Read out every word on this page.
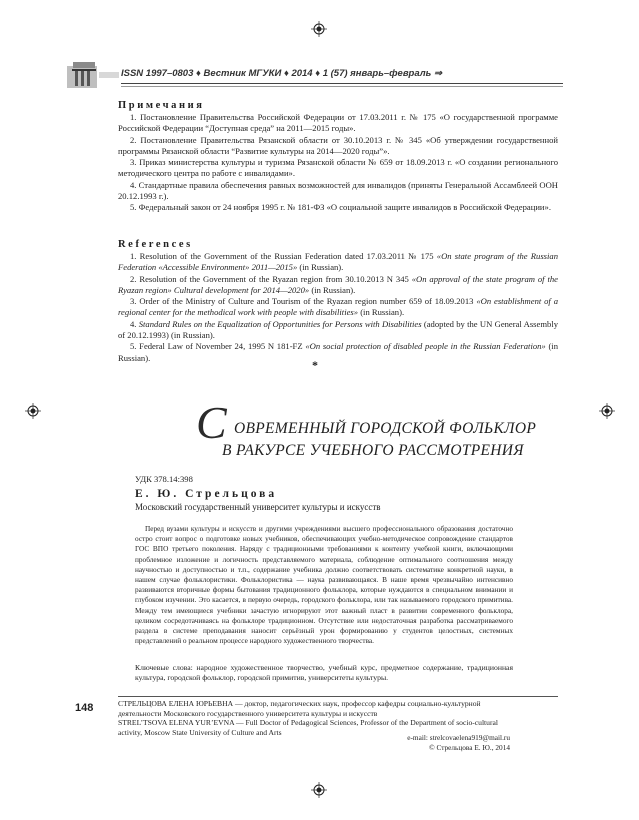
ISSN 1997–0803 ♦ Вестник МГУКИ ♦ 2014 ♦ 1 (57) январь–февраль ⇒
Примечания

1. Постановление Правительства Российской Федерации от 17.03.2011 г. № 175 «О государственной программе Российской Федерации “Доступная среда” на 2011—2015 годы».

2. Постановление Правительства Рязанской области от 30.10.2013 г. № 345 «Об утверждении государственной программы Рязанской области “Развитие культуры на 2014—2020 годы”».

3. Приказ министерства культуры и туризма Рязанской области № 659 от 18.09.2013 г. «О создании регионального методического центра по работе с инвалидами».

4. Стандартные правила обеспечения равных возможностей для инвалидов (приняты Генеральной Ассамблеей ООН 20.12.1993 г.).

5. Федеральный закон от 24 ноября 1995 г. № 181-ФЗ «О социальной защите инвалидов в Российской Федерации».

References

1. Resolution of the Government of the Russian Federation dated 17.03.2011 № 175 «On state program of the Russian Federation «Accessible Environment» 2011—2015» (in Russian).

2. Resolution of the Government of the Ryazan region from 30.10.2013 N 345 «On approval of the state program of the Ryazan region» Cultural development for 2014—2020» (in Russian).

3. Order of the Ministry of Culture and Tourism of the Ryazan region number 659 of 18.09.2013 «On establishment of a regional center for the methodical work with people with disabilities» (in Russian).

4. Standard Rules on the Equalization of Opportunities for Persons with Disabilities (adopted by the UN General Assembly of 20.12.1993) (in Russian).

5. Federal Law of November 24, 1995 N 181-FZ «On social protection of disabled people in the Russian Federation» (in Russian).

*
С ОВРЕМЕННЫЙ ГОРОДСКОЙ ФОЛЬКЛОР
В РАКУРСЕ УЧЕБНОГО РАССМОТРЕНИЯ
УДК 378.14:398
Е. Ю. Стрельцова
Московский государственный университет культуры и искусств

Перед вузами культуры и искусств и другими учреждениями высшего профессионального образования достаточно остро стоит вопрос о подготовке новых учебников, обеспечивающих учебно-методическое сопровождение стандартов ГОС ВПО третьего поколения. Наряду с традиционными требованиями к контенту учебной книги, включающими проблемное изложение и логичность представляемого материала, соблюдение оптимального соотношения между научностью и доступностью и т.п., содержание учебника должно соответствовать систематике конкретной науки, в нашем случае фольклористики. Фольклористика — наука развивающаяся. В наше время чрезвычайно интенсивно развиваются вторичные формы бытования традиционного фольклора, которые нуждаются в специальном внимании и глубоком изучении. Это касается, в первую очередь, городского фольклора, или так называемого городского примитива. Между тем имеющиеся учебники зачастую игнорируют этот важный пласт в развитии современного фольклора, целиком сосредотачиваясь на фольклоре традиционном. Отсутствие или недостаточная разработка рассматриваемого раздела в системе преподавания наносит серьёзный урон формированию у студентов целостных, системных представлений о реальном процессе народного художественного творчества.

Ключевые слова: народное художественное творчество, учебный курс, предметное содержание, традиционная культура, городской фольклор, городской примитив, университеты культуры.
148	СТРЕЛЬЦОВА ЕЛЕНА ЮРЬЕВНА — доктор, педагогических наук, профессор кафедры социально-культурной деятельности Московского государственного университета культуры и искусств
STREL’TSOVA ELENA YUR’EVNA — Full Doctor of Pedagogical Sciences, Professor of the Department of socio-cultural activity, Moscow State University of Culture and Arts
e-mail: strelcovaelena919@mail.ru
© Стрельцова Е. Ю., 2014
